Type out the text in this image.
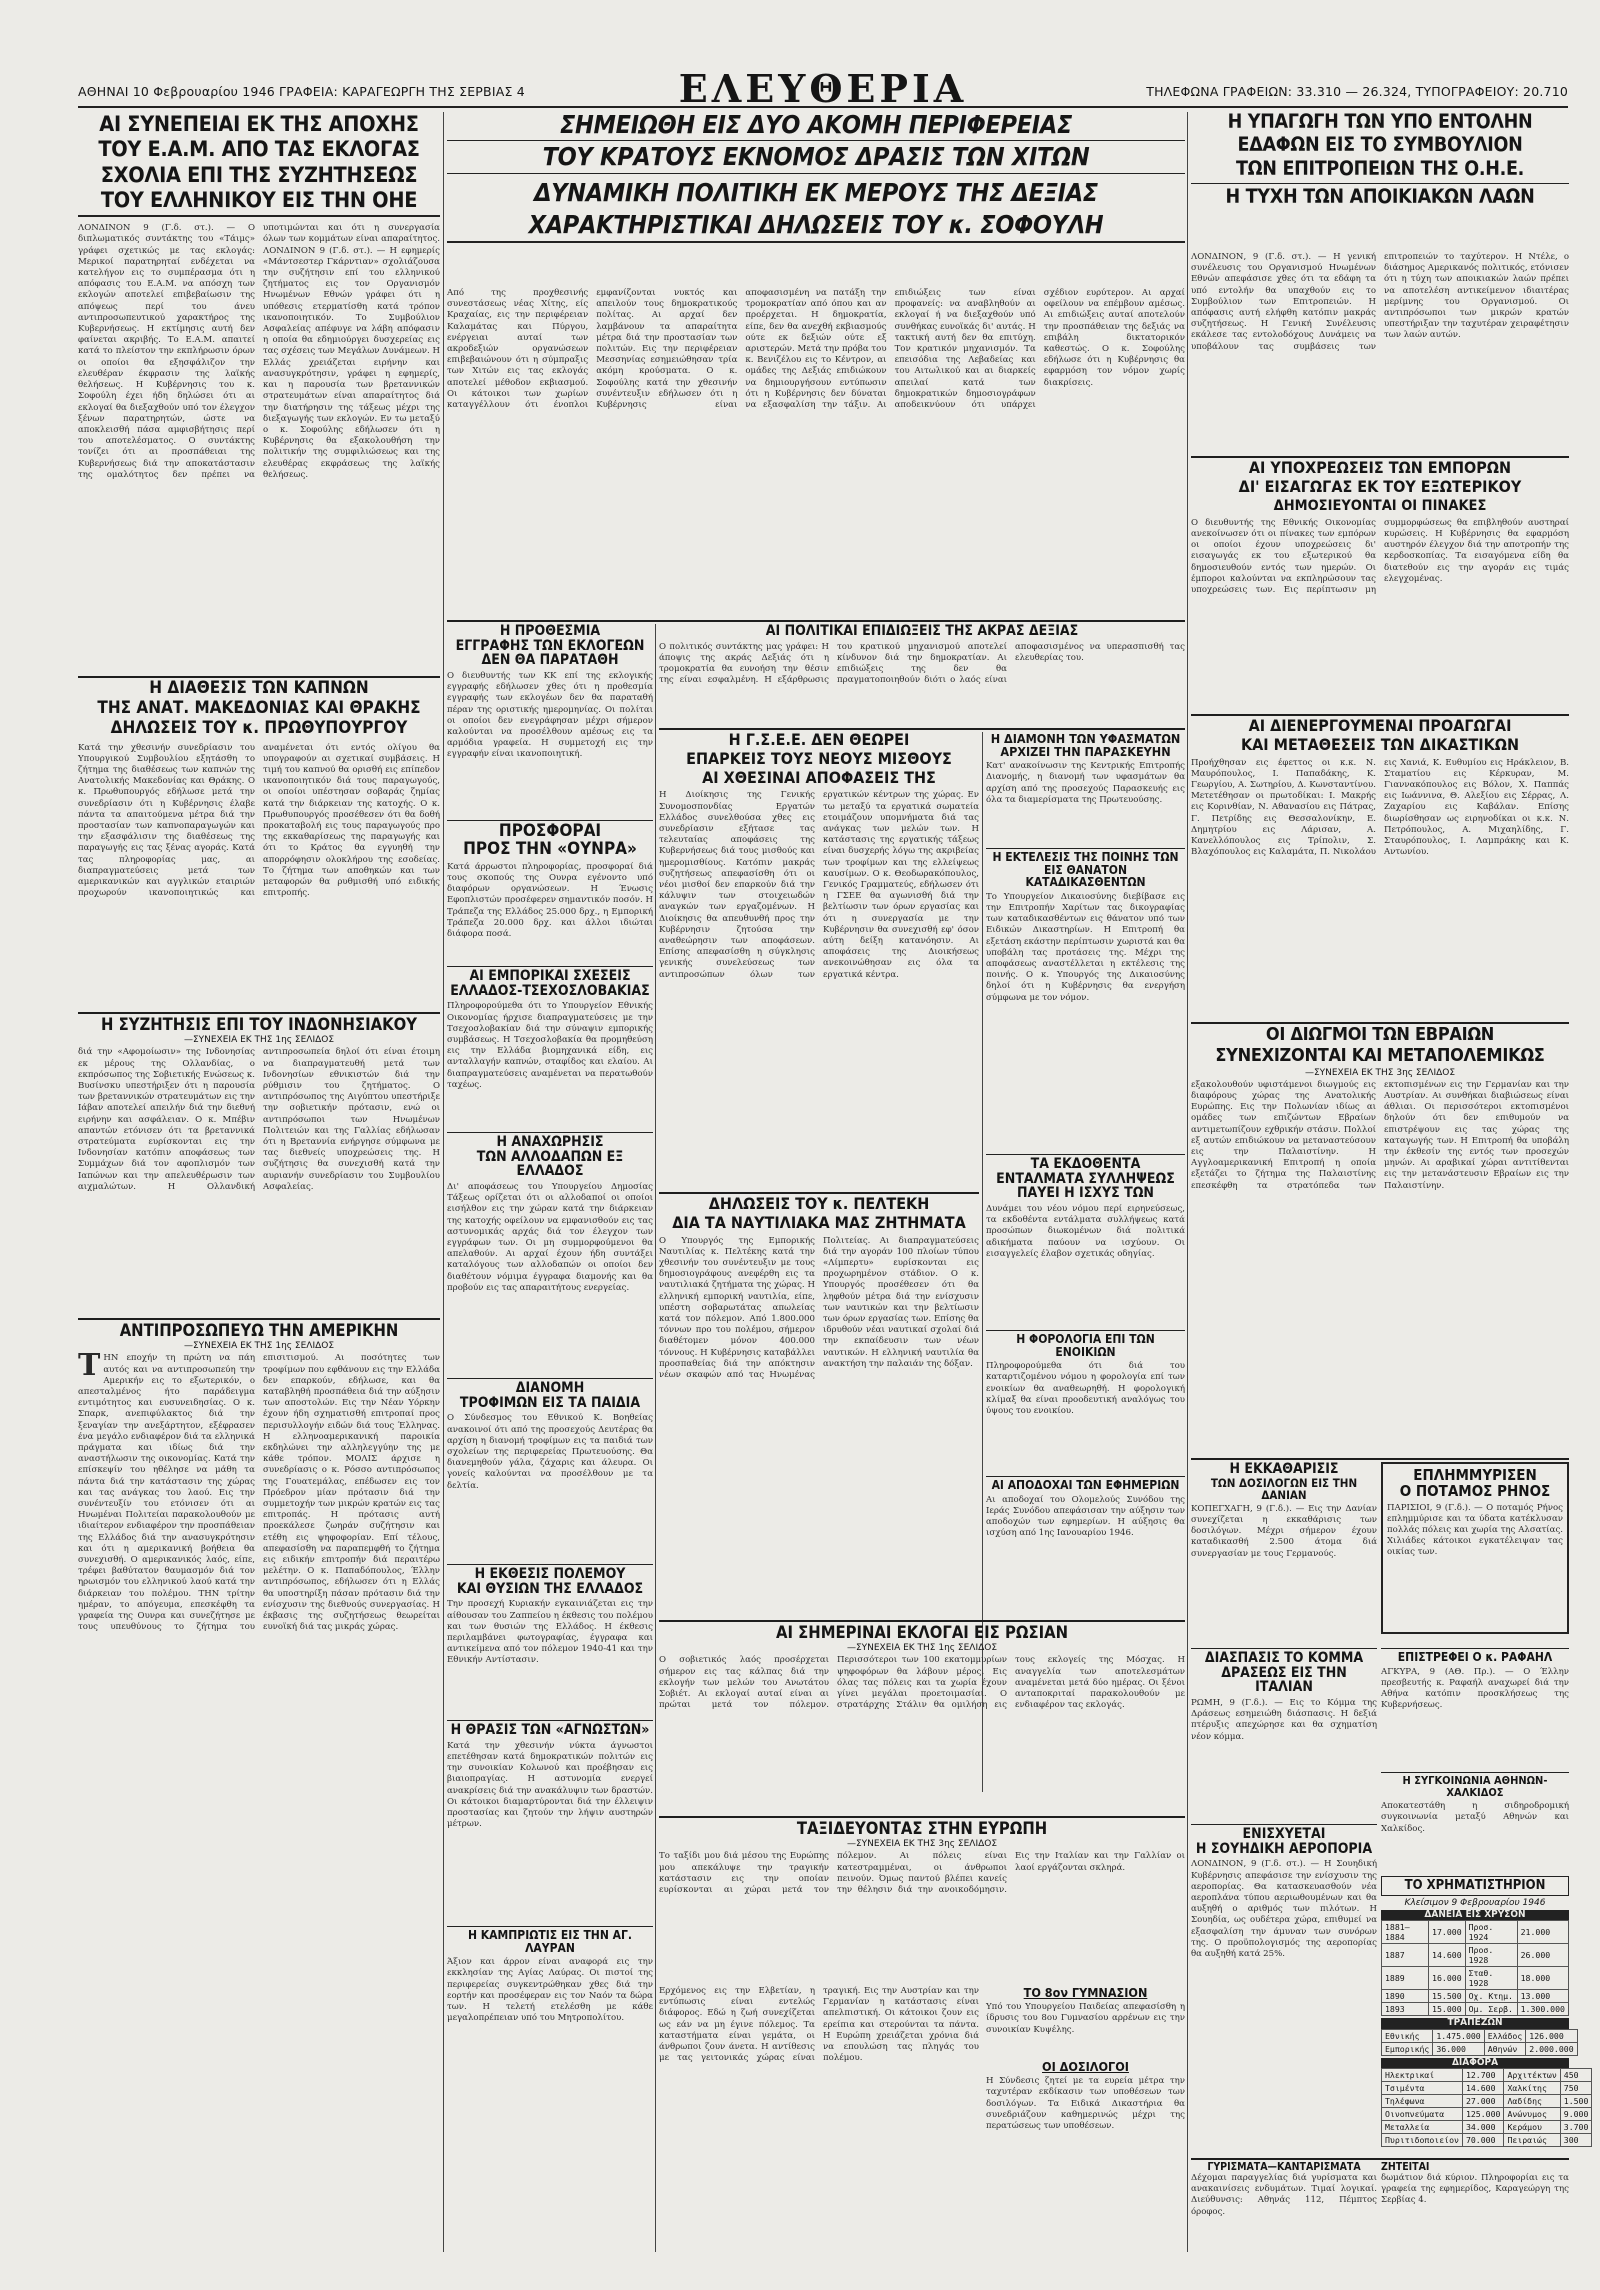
ΑΘΗΝΑΙ 10 Φεβρουαρίου 1946 ΓΡΑΦΕΙΑ: ΚΑΡΑΓΕΩΡΓΗ ΤΗΣ ΣΕΡΒΙΑΣ 4	ΕΛΕΥΘΕΡΙΑ	ΤΗΛΕΦΩΝΑ ΓΡΑΦΕΙΩΝ: 33.310 — 26.324, ΤΥΠΟΓΡΑΦΕΙΟΥ: 20.710
ΑΙ ΣΥΝΕΠΕΙΑΙ ΕΚ ΤΗΣ ΑΠΟΧΗΣ
ΤΟΥ Ε.Α.Μ. ΑΠΟ ΤΑΣ ΕΚΛΟΓΑΣ
ΣΧΟΛΙΑ ΕΠΙ ΤΗΣ ΣΥΖΗΤΗΣΕΩΣ
ΤΟΥ ΕΛΛΗΝΙΚΟΥ ΕΙΣ ΤΗΝ ΟΗΕ
ΛΟΝΔΙΝΟΝ 9 (Γ.δ. στ.). — Ο διπλωματικός συντάκτης του «Τάιμς» γράφει σχετικώς με τας εκλογάς: Μερικοί παρατηρηταί ενδέχεται να κατελήγον εις το συμπέρασμα ότι η απόφασις του Ε.Α.Μ. να απόσχη των εκλογών αποτελεί επιβεβαίωσιν της απόψεως περί του άνευ αντιπροσωπευτικού χαρακτήρος της Κυβερνήσεως. Η εκτίμησις αυτή δεν φαίνεται ακριβής. Το Ε.Α.Μ. απαιτεί κατά το πλείστον την εκπλήρωσιν όρων οι οποίοι θα εξησφάλιζον την ελευθέραν έκφρασιν της λαϊκής θελήσεως. Η Κυβέρνησις του κ. Σοφούλη έχει ήδη δηλώσει ότι αι εκλογαί θα διεξαχθούν υπό τον έλεγχον ξένων παρατηρητών, ώστε να αποκλεισθή πάσα αμφισβήτησις περί του αποτελέσματος. Ο συντάκτης τονίζει ότι αι προσπάθειαι της Κυβερνήσεως διά την αποκατάστασιν της ομαλότητος δεν πρέπει να υποτιμώνται και ότι η συνεργασία όλων των κομμάτων είναι απαραίτητος. ΛΟΝΔΙΝΟΝ 9 (Γ.δ. στ.). — Η εφημερίς «Μάντσεστερ Γκάρντιαν» σχολιάζουσα την συζήτησιν επί του ελληνικού ζητήματος εις τον Οργανισμόν Ηνωμένων Εθνών γράφει ότι η υπόθεσις ετερματίσθη κατά τρόπον ικανοποιητικόν. Το Συμβούλιον Ασφαλείας απέφυγε να λάβη απόφασιν η οποία θα εδημιούργει δυσχερείας εις τας σχέσεις των Μεγάλων Δυνάμεων. Η Ελλάς χρειάζεται ειρήνην και ανασυγκρότησιν, γράφει η εφημερίς, και η παρουσία των βρεταννικών στρατευμάτων είναι απαραίτητος διά την διατήρησιν της τάξεως μέχρι της διεξαγωγής των εκλογών. Εν τω μεταξύ ο κ. Σοφούλης εδήλωσεν ότι η Κυβέρνησις θα εξακολουθήση την πολιτικήν της συμφιλιώσεως και της ελευθέρας εκφράσεως της λαϊκής θελήσεως.
Η ΔΙΑΘΕΣΙΣ ΤΩΝ ΚΑΠΝΩΝ
ΤΗΣ ΑΝΑΤ. ΜΑΚΕΔΟΝΙΑΣ ΚΑΙ ΘΡΑΚΗΣ
ΔΗΛΩΣΕΙΣ ΤΟΥ κ. ΠΡΩΘΥΠΟΥΡΓΟΥ
Κατά την χθεσινήν συνεδρίασιν του Υπουργικού Συμβουλίου εξητάσθη το ζήτημα της διαθέσεως των καπνών της Ανατολικής Μακεδονίας και Θράκης. Ο κ. Πρωθυπουργός εδήλωσε μετά την συνεδρίασιν ότι η Κυβέρνησις έλαβε πάντα τα απαιτούμενα μέτρα διά την προστασίαν των καπνοπαραγωγών και την εξασφάλισιν της διαθέσεως της παραγωγής εις τας ξένας αγοράς. Κατά τας πληροφορίας μας, αι διαπραγματεύσεις μετά των αμερικανικών και αγγλικών εταιριών προχωρούν ικανοποιητικώς και αναμένεται ότι εντός ολίγου θα υπογραφούν αι σχετικαί συμβάσεις. Η τιμή του καπνού θα ορισθή εις επίπεδον ικανοποιητικόν διά τους παραγωγούς, οι οποίοι υπέστησαν σοβαράς ζημίας κατά την διάρκειαν της κατοχής. Ο κ. Πρωθυπουργός προσέθεσεν ότι θα δοθή προκαταβολή εις τους παραγωγούς προ της εκκαθαρίσεως της παραγωγής και ότι το Κράτος θα εγγυηθή την απορρόφησιν ολοκλήρου της εσοδείας. Το ζήτημα των αποθηκών και των μεταφορών θα ρυθμισθή υπό ειδικής επιτροπής.
Η ΣΥΖΗΤΗΣΙΣ ΕΠΙ ΤΟΥ ΙΝΔΟΝΗΣΙΑΚΟΥ
—ΣΥΝΕΧΕΙΑ ΕΚ ΤΗΣ 1ης ΣΕΛΙΔΟΣ
διά την «Αφομοίωσιν» της Ινδονησίας εκ μέρους της Ολλανδίας, ο εκπρόσωπος της Σοβιετικής Ενώσεως κ. Βυσίνσκυ υπεστήριξεν ότι η παρουσία των βρεταννικών στρατευμάτων εις την Ιάβαν αποτελεί απειλήν διά την διεθνή ειρήνην και ασφάλειαν. Ο κ. Μπέβιν απαντών ετόνισεν ότι τα βρεταννικά στρατεύματα ευρίσκονται εις την Ινδονησίαν κατόπιν αποφάσεως των Συμμάχων διά τον αφοπλισμόν των Ιαπώνων και την απελευθέρωσιν των αιχμαλώτων. Η Ολλανδική αντιπροσωπεία δηλοί ότι είναι έτοιμη να διαπραγματευθή μετά των Ινδονησίων εθνικιστών διά την ρύθμισιν του ζητήματος. Ο αντιπρόσωπος της Αιγύπτου υπεστήριξε την σοβιετικήν πρότασιν, ενώ οι αντιπρόσωποι των Ηνωμένων Πολιτειών και της Γαλλίας εδήλωσαν ότι η Βρεταννία ενήργησε σύμφωνα με τας διεθνείς υποχρεώσεις της. Η συζήτησις θα συνεχισθή κατά την αυριανήν συνεδρίασιν του Συμβουλίου Ασφαλείας.
ΑΝΤΙΠΡΟΣΩΠΕΥΩ ΤΗΝ ΑΜΕΡΙΚΗΝ
—ΣΥΝΕΧΕΙΑ ΕΚ ΤΗΣ 1ης ΣΕΛΙΔΟΣ
ΤΗΝ εποχήν τη πρώτη να πάη αυτός και να αντιπροσωπεύη την Αμερικήν εις το εξωτερικόν, ο απεσταλμένος ήτο παράδειγμα εντιμότητος και ευσυνειδησίας. Ο κ. Σπαρκ, ανεπιφύλακτος διά την ξεναγίαν την ανεξάρτητον, εξέφρασεν ένα μεγάλο ενδιαφέρον διά τα ελληνικά πράγματα και ιδίως διά την αναστήλωσιν της οικονομίας. Κατά την επίσκεψίν του ηθέλησε να μάθη τα πάντα διά την κατάστασιν της χώρας και τας ανάγκας του λαού. Εις την συνέντευξίν του ετόνισεν ότι αι Ηνωμέναι Πολιτείαι παρακολουθούν με ιδιαίτερον ενδιαφέρον την προσπάθειαν της Ελλάδος διά την ανασυγκρότησιν και ότι η αμερικανική βοήθεια θα συνεχισθή. Ο αμερικανικός λαός, είπε, τρέφει βαθύτατον θαυμασμόν διά τον ηρωισμόν του ελληνικού λαού κατά την διάρκειαν του πολέμου. ΤΗΝ τρίτην ημέραν, το απόγευμα, επεσκέφθη τα γραφεία της Ουνρα και συνεζήτησε με τους υπευθύνους το ζήτημα του επισιτισμού. Αι ποσότητες των τροφίμων που εφθάνουν εις την Ελλάδα δεν επαρκούν, εδήλωσε, και θα καταβληθή προσπάθεια διά την αύξησιν των αποστολών. Εις την Νέαν Υόρκην έχουν ήδη σχηματισθή επιτροπαί προς περισυλλογήν ειδών διά τους Έλληνας. Η ελληνοαμερικανική παροικία εκδηλώνει την αλληλεγγύην της με κάθε τρόπον. ΜΟΛΙΣ άρχισε η συνεδρίασις ο κ. Ρόσσο αντιπρόσωπος της Γουατεμάλας, επέδωσεν εις τον Πρόεδρον μίαν πρότασιν διά την συμμετοχήν των μικρών κρατών εις τας επιτροπάς. Η πρότασις αυτή προεκάλεσε ζωηράν συζήτησιν και ετέθη εις ψηφοφορίαν. Επί τέλους, απεφασίσθη να παραπεμφθή το ζήτημα εις ειδικήν επιτροπήν διά περαιτέρω μελέτην. Ο κ. Παπαδόπουλος, Έλλην αντιπρόσωπος, εδήλωσεν ότι η Ελλάς θα υποστηρίξη πάσαν πρότασιν διά την ενίσχυσιν της διεθνούς συνεργασίας. Η έκβασις της συζητήσεως θεωρείται ευνοϊκή διά τας μικράς χώρας.
ΣΗΜΕΙΩΘΗ ΕΙΣ ΔΥΟ ΑΚΟΜΗ ΠΕΡΙΦΕΡΕΙΑΣ
ΤΟΥ ΚΡΑΤΟΥΣ ΕΚΝΟΜΟΣ ΔΡΑΣΙΣ ΤΩΝ ΧΙΤΩΝ
ΔΥΝΑΜΙΚΗ ΠΟΛΙΤΙΚΗ ΕΚ ΜΕΡΟΥΣ ΤΗΣ ΔΕΞΙΑΣ
ΧΑΡΑΚΤΗΡΙΣΤΙΚΑΙ ΔΗΛΩΣΕΙΣ ΤΟΥ κ. ΣΟΦΟΥΛΗ
Από της προχθεσινής συνεστάσεως νέας Χίτης, είς Κραχαίας, εις την περιφέρειαν Καλαμάτας και Πύργου, ενέργειαι αυταί των ακροδεξιών οργανώσεων επιβεβαιώνουν ότι η σύμπραξις των Χιτών εις τας εκλογάς αποτελεί μέθοδον εκβιασμού. Οι κάτοικοι των χωρίων καταγγέλλουν ότι ένοπλοι εμφανίζονται νυκτός και απειλούν τους δημοκρατικούς πολίτας. Αι αρχαί δεν λαμβάνουν τα απαραίτητα μέτρα διά την προστασίαν των πολιτών. Εις την περιφέρειαν Μεσσηνίας εσημειώθησαν τρία ακόμη κρούσματα. Ο κ. Σοφούλης κατά την χθεσινήν συνέντευξιν εδήλωσεν ότι η Κυβέρνησις είναι αποφασισμένη να πατάξη την τρομοκρατίαν από όπου και αν προέρχεται. Η δημοκρατία, είπε, δεν θα ανεχθή εκβιασμούς ούτε εκ δεξιών ούτε εξ αριστερών. Μετά την πρόβα του κ. Βενιζέλου εις το Κέντρον, αι ομάδες της Δεξιάς επιδιώκουν να δημιουργήσουν εντύπωσιν ότι η Κυβέρνησις δεν δύναται να εξασφαλίση την τάξιν. Αι επιδιώξεις των είναι προφανείς: να αναβληθούν αι εκλογαί ή να διεξαχθούν υπό συνθήκας ευνοϊκάς δι' αυτάς. Η τακτική αυτή δεν θα επιτύχη. Τον κρατικόν μηχανισμόν. Τα επεισόδια της Λεβαδείας και του Αιτωλικού και αι διαρκείς απειλαί κατά των δημοκρατικών δημοσιογράφων αποδεικνύουν ότι υπάρχει σχέδιον ευρύτερον. Αι αρχαί οφείλουν να επέμβουν αμέσως. Αι επιδιώξεις αυταί αποτελούν την προσπάθειαν της δεξιάς να επιβάλη δικτατορικόν καθεστώς. Ο κ. Σοφούλης εδήλωσε ότι η Κυβέρνησις θα εφαρμόση τον νόμον χωρίς διακρίσεις.
Η ΠΡΟΘΕΣΜΙΑ
ΕΓΓΡΑΦΗΣ ΤΩΝ ΕΚΛΟΓΕΩΝ
ΔΕΝ ΘΑ ΠΑΡΑΤΑΘΗ
Ο διευθυντής των ΚΚ επί της εκλογικής εγγραφής εδήλωσεν χθες ότι η προθεσμία εγγραφής των εκλογέων δεν θα παραταθή πέραν της οριστικής ημερομηνίας. Οι πολίται οι οποίοι δεν ενεγράφησαν μέχρι σήμερον καλούνται να προσέλθουν αμέσως εις τα αρμόδια γραφεία. Η συμμετοχή εις την εγγραφήν είναι ικανοποιητική.
ΠΡΟΣΦΟΡΑΙ
ΠΡΟΣ ΤΗΝ «ΟΥΝΡΑ»
Κατά άρρωστοι πληροφορίας, προσφοραί διά τους σκοπούς της Ουνρα εγένοντο υπό διαφόρων οργανώσεων. Η Ένωσις Εφοπλιστών προσέφερεν σημαντικόν ποσόν. Η Τράπεζα της Ελλάδος 25.000 δρχ., η Εμπορική Τράπεζα 20.000 δρχ. και άλλοι ιδιώται διάφορα ποσά.
ΑΙ ΕΜΠΟΡΙΚΑΙ ΣΧΕΣΕΙΣ
ΕΛΛΑΔΟΣ-ΤΣΕΧΟΣΛΟΒΑΚΙΑΣ
Πληροφορούμεθα ότι το Υπουργείον Εθνικής Οικονομίας ήρχισε διαπραγματεύσεις με την Τσεχοσλοβακίαν διά την σύναψιν εμπορικής συμβάσεως. Η Τσεχοσλοβακία θα προμηθεύση εις την Ελλάδα βιομηχανικά είδη, εις ανταλλαγήν καπνών, σταφίδος και ελαίου. Αι διαπραγματεύσεις αναμένεται να περατωθούν ταχέως.
Η ΑΝΑΧΩΡΗΣΙΣ
ΤΩΝ ΑΛΛΟΔΑΠΩΝ ΕΞ ΕΛΛΑΔΟΣ
Δι' αποφάσεως του Υπουργείου Δημοσίας Τάξεως ορίζεται ότι οι αλλοδαποί οι οποίοι εισήλθον εις την χώραν κατά την διάρκειαν της κατοχής οφείλουν να εμφανισθούν εις τας αστυνομικάς αρχάς διά τον έλεγχον των εγγράφων των. Οι μη συμμορφούμενοι θα απελαθούν. Αι αρχαί έχουν ήδη συντάξει καταλόγους των αλλοδαπών οι οποίοι δεν διαθέτουν νόμιμα έγγραφα διαμονής και θα προβούν εις τας απαραιτήτους ενεργείας.
ΔΙΑΝΟΜΗ
ΤΡΟΦΙΜΩΝ ΕΙΣ ΤΑ ΠΑΙΔΙΑ
Ο Σύνδεσμος του Εθνικού Κ. Βοηθείας ανακοινοί ότι από της προσεχούς Δευτέρας θα αρχίση η διανομή τροφίμων εις τα παιδιά των σχολείων της περιφερείας Πρωτευούσης. Θα διανεμηθούν γάλα, ζάχαρις και άλευρα. Οι γονείς καλούνται να προσέλθουν με τα δελτία.
Η ΕΚΘΕΣΙΣ ΠΟΛΕΜΟΥ
ΚΑΙ ΘΥΣΙΩΝ ΤΗΣ ΕΛΛΑΔΟΣ
Την προσεχή Κυριακήν εγκαινιάζεται εις την αίθουσαν του Ζαππείου η έκθεσις του πολέμου και των θυσιών της Ελλάδος. Η έκθεσις περιλαμβάνει φωτογραφίας, έγγραφα και αντικείμενα από τον πόλεμον 1940-41 και την Εθνικήν Αντίστασιν.
Η ΘΡΑΣΙΣ ΤΩΝ «ΑΓΝΩΣΤΩΝ»
Κατά την χθεσινήν νύκτα άγνωστοι επετέθησαν κατά δημοκρατικών πολιτών εις την συνοικίαν Κολωνού και προέβησαν εις βιαιοπραγίας. Η αστυνομία ενεργεί ανακρίσεις διά την ανακάλυψιν των δραστών. Οι κάτοικοι διαμαρτύρονται διά την έλλειψιν προστασίας και ζητούν την λήψιν αυστηρών μέτρων.
Η ΚΑΜΠΡΙΩΤΙΣ ΕΙΣ ΤΗΝ ΑΓ. ΛΑΥΡΑΝ
Άξιον και άρρον είναι αναφορά εις την εκκλησίαν της Αγίας Λαύρας. Οι πιστοί της περιφερείας συγκεντρώθηκαν χθες διά την εορτήν και προσέφεραν εις τον Ναόν τα δώρα των. Η τελετή ετελέσθη με κάθε μεγαλοπρέπειαν υπό του Μητροπολίτου.
ΑΙ ΠΟΛΙΤΙΚΑΙ ΕΠΙΔΙΩΞΕΙΣ ΤΗΣ ΑΚΡΑΣ ΔΕΞΙΑΣ
Ο πολιτικός συντάκτης μας γράφει: Η άποψις της ακράς Δεξιάς ότι η τρομοκρατία θα ευνοήση την θέσιν της είναι εσφαλμένη. Η εξάρθρωσις του κρατικού μηχανισμού αποτελεί κίνδυνον διά την δημοκρατίαν. Αι επιδιώξεις της δεν θα πραγματοποιηθούν διότι ο λαός είναι αποφασισμένος να υπερασπισθή τας ελευθερίας του.
Η Γ.Σ.Ε.Ε. ΔΕΝ ΘΕΩΡΕΙ
ΕΠΑΡΚΕΙΣ ΤΟΥΣ ΝΕΟΥΣ ΜΙΣΘΟΥΣ
ΑΙ ΧΘΕΣΙΝΑΙ ΑΠΟΦΑΣΕΙΣ ΤΗΣ
Η Διοίκησις της Γενικής Συνομοσπονδίας Εργατών Ελλάδος συνελθούσα χθες εις συνεδρίασιν εξήτασε τας τελευταίας αποφάσεις της Κυβερνήσεως διά τους μισθούς και ημερομισθίους. Κατόπιν μακράς συζητήσεως απεφασίσθη ότι οι νέοι μισθοί δεν επαρκούν διά την κάλυψιν των στοιχειωδών αναγκών των εργαζομένων. Η Διοίκησις θα απευθυνθή προς την Κυβέρνησιν ζητούσα την αναθεώρησιν των αποφάσεων. Επίσης απεφασίσθη η σύγκλησις γενικής συνελεύσεως των αντιπροσώπων όλων των εργατικών κέντρων της χώρας. Εν τω μεταξύ τα εργατικά σωματεία ετοιμάζουν υπομνήματα διά τας ανάγκας των μελών των. Η κατάστασις της εργατικής τάξεως είναι δυσχερής λόγω της ακριβείας των τροφίμων και της ελλείψεως καυσίμων. Ο κ. Θεοδωρακόπουλος, Γενικός Γραμματεύς, εδήλωσεν ότι η ΓΣΕΕ θα αγωνισθή διά την βελτίωσιν των όρων εργασίας και ότι η συνεργασία με την Κυβέρνησιν θα συνεχισθή εφ' όσον αύτη δείξη κατανόησιν. Αι αποφάσεις της Διοικήσεως ανεκοινώθησαν εις όλα τα εργατικά κέντρα.
Η ΔΙΑΜΟΝΗ ΤΩΝ ΥΦΑΣΜΑΤΩΝ ΑΡΧΙΖΕΙ ΤΗΝ ΠΑΡΑΣΚΕΥΗΝ
Κατ' ανακοίνωσιν της Κεντρικής Επιτροπής Διανομής, η διανομή των υφασμάτων θα αρχίση από της προσεχούς Παρασκευής εις όλα τα διαμερίσματα της Πρωτευούσης.
Η ΕΚΤΕΛΕΣΙΣ ΤΗΣ ΠΟΙΝΗΣ ΤΩΝ ΕΙΣ ΘΑΝΑΤΟΝ ΚΑΤΑΔΙΚΑΣΘΕΝΤΩΝ
Το Υπουργείον Δικαιοσύνης διεβίβασε εις την Επιτροπήν Χαρίτων τας δικογραφίας των καταδικασθέντων εις θάνατον υπό των Ειδικών Δικαστηρίων. Η Επιτροπή θα εξετάση εκάστην περίπτωσιν χωριστά και θα υποβάλη τας προτάσεις της. Μέχρι της αποφάσεως αναστέλλεται η εκτέλεσις της ποινής. Ο κ. Υπουργός της Δικαιοσύνης δηλοί ότι η Κυβέρνησις θα ενεργήση σύμφωνα με τον νόμον.
ΔΗΛΩΣΕΙΣ ΤΟΥ κ. ΠΕΛΤΕΚΗ
ΔΙΑ ΤΑ ΝΑΥΤΙΛΙΑΚΑ ΜΑΣ ΖΗΤΗΜΑΤΑ
Ο Υπουργός της Εμπορικής Ναυτιλίας κ. Πελτέκης κατά την χθεσινήν του συνέντευξιν με τους δημοσιογράφους ανεφέρθη εις τα ναυτιλιακά ζητήματα της χώρας. Η ελληνική εμπορική ναυτιλία, είπε, υπέστη σοβαρωτάτας απωλείας κατά τον πόλεμον. Από 1.800.000 τόννων προ του πολέμου, σήμερον διαθέτομεν μόνον 400.000 τόννους. Η Κυβέρνησις καταβάλλει προσπαθείας διά την απόκτησιν νέων σκαφών από τας Ηνωμένας Πολιτείας. Αι διαπραγματεύσεις διά την αγοράν 100 πλοίων τύπου «Λίμπερτυ» ευρίσκονται εις προχωρημένον στάδιον. Ο κ. Υπουργός προσέθεσεν ότι θα ληφθούν μέτρα διά την ενίσχυσιν των ναυτικών και την βελτίωσιν των όρων εργασίας των. Επίσης θα ιδρυθούν νέαι ναυτικαί σχολαί διά την εκπαίδευσιν των νέων ναυτικών. Η ελληνική ναυτιλία θα ανακτήση την παλαιάν της δόξαν.
ΤΑ ΕΚΔΟΘΕΝΤΑ
ΕΝΤΑΛΜΑΤΑ ΣΥΛΛΗΨΕΩΣ
ΠΑΥΕΙ Η ΙΣΧΥΣ ΤΩΝ
Δυνάμει του νέου νόμου περί ειρηνεύσεως, τα εκδοθέντα εντάλματα συλλήψεως κατά προσώπων διωκομένων διά πολιτικά αδικήματα παύουν να ισχύουν. Οι εισαγγελείς έλαβον σχετικάς οδηγίας.
Η ΦΟΡΟΛΟΓΙΑ ΕΠΙ ΤΩΝ ΕΝΟΙΚΙΩΝ
Πληροφορούμεθα ότι διά του καταρτιζομένου νόμου η φορολογία επί των ενοικίων θα αναθεωρηθή. Η φορολογική κλίμαξ θα είναι προοδευτική αναλόγως του ύψους του ενοικίου.
ΑΙ ΑΠΟΔΟΧΑΙ ΤΩΝ ΕΦΗΜΕΡΙΩΝ
Αι αποδοχαί του Ολομελούς Συνόδου της Ιεράς Συνόδου απεφάσισαν την αύξησιν των αποδοχών των εφημερίων. Η αύξησις θα ισχύση από 1ης Ιανουαρίου 1946.
ΑΙ ΣΗΜΕΡΙΝΑΙ ΕΚΛΟΓΑΙ ΕΙΣ ΡΩΣΙΑΝ
—ΣΥΝΕΧΕΙΑ ΕΚ ΤΗΣ 1ης ΣΕΛΙΔΟΣ
Ο σοβιετικός λαός προσέρχεται σήμερον εις τας κάλπας διά την εκλογήν των μελών του Ανωτάτου Σοβιέτ. Αι εκλογαί αυταί είναι αι πρώται μετά τον πόλεμον. Περισσότεροι των 100 εκατομμυρίων ψηφοφόρων θα λάβουν μέρος. Εις όλας τας πόλεις και τα χωρία έχουν γίνει μεγάλαι προετοιμασίαι. Ο στρατάρχης Στάλιν θα ομιλήση εις τους εκλογείς της Μόσχας. Η αναγγελία των αποτελεσμάτων αναμένεται μετά δύο ημέρας. Οι ξένοι ανταποκριταί παρακολουθούν με ενδιαφέρον τας εκλογάς.
ΤΑΞΙΔΕΥΟΝΤΑΣ ΣΤΗΝ ΕΥΡΩΠΗ
—ΣΥΝΕΧΕΙΑ ΕΚ ΤΗΣ 3ης ΣΕΛΙΔΟΣ
Το ταξίδι μου διά μέσου της Ευρώπης μου απεκάλυψε την τραγικήν κατάστασιν εις την οποίαν ευρίσκονται αι χώραι μετά τον πόλεμον. Αι πόλεις είναι κατεστραμμέναι, οι άνθρωποι πεινούν. Όμως παντού βλέπει κανείς την θέλησιν διά την ανοικοδόμησιν. Εις την Ιταλίαν και την Γαλλίαν οι λαοί εργάζονται σκληρά.
ΤΟ 8ον ΓΥΜΝΑΣΙΟΝ
Υπό του Υπουργείου Παιδείας απεφασίσθη η ίδρυσις του 8ου Γυμνασίου αρρένων εις την συνοικίαν Κυψέλης.
ΟΙ ΔΟΣΙΛΟΓΟΙ
Η Σύνδεσις ζητεί με τα ευρεία μέτρα την ταχυτέραν εκδίκασιν των υποθέσεων των δοσιλόγων. Τα Ειδικά Δικαστήρια θα συνεδριάζουν καθημερινώς μέχρι της περατώσεως των υποθέσεων.
Ερχόμενος εις την Ελβετίαν, η εντύπωσις είναι εντελώς διάφορος. Εδώ η ζωή συνεχίζεται ως εάν να μη έγινε πόλεμος. Τα καταστήματα είναι γεμάτα, οι άνθρωποι ζουν άνετα. Η αντίθεσις με τας γειτονικάς χώρας είναι τραγική. Εις την Αυστρίαν και την Γερμανίαν η κατάστασις είναι απελπιστική. Οι κάτοικοι ζουν εις ερείπια και στερούνται τα πάντα. Η Ευρώπη χρειάζεται χρόνια διά να επουλώση τας πληγάς του πολέμου.
Η ΥΠΑΓΩΓΗ ΤΩΝ ΥΠΟ ΕΝΤΟΛΗΝ
ΕΔΑΦΩΝ ΕΙΣ ΤΟ ΣΥΜΒΟΥΛΙΟΝ
ΤΩΝ ΕΠΙΤΡΟΠΕΙΩΝ ΤΗΣ Ο.Η.Ε.
Η ΤΥΧΗ ΤΩΝ ΑΠΟΙΚΙΑΚΩΝ ΛΑΩΝ
ΛΟΝΔΙΝΟΝ, 9 (Γ.δ. στ.). — Η γενική συνέλευσις του Οργανισμού Ηνωμένων Εθνών απεφάσισε χθες ότι τα εδάφη τα υπό εντολήν θα υπαχθούν εις το Συμβούλιον των Επιτροπειών. Η απόφασις αυτή ελήφθη κατόπιν μακράς συζητήσεως. Η Γενική Συνέλευσις εκάλεσε τας εντολοδόχους Δυνάμεις να υποβάλουν τας συμβάσεις των επιτροπειών το ταχύτερον. Η Ντέλε, ο διάσημος Αμερικανός πολιτικός, ετόνισεν ότι η τύχη των αποικιακών λαών πρέπει να αποτελέση αντικείμενον ιδιαιτέρας μερίμνης του Οργανισμού. Οι αντιπρόσωποι των μικρών κρατών υπεστήριξαν την ταχυτέραν χειραφέτησιν των λαών αυτών.
ΑΙ ΥΠΟΧΡΕΩΣΕΙΣ ΤΩΝ ΕΜΠΟΡΩΝ
ΔΙ' ΕΙΣΑΓΩΓΑΣ ΕΚ ΤΟΥ ΕΞΩΤΕΡΙΚΟΥ
ΔΗΜΟΣΙΕΥΟΝΤΑΙ ΟΙ ΠΙΝΑΚΕΣ
Ο διευθυντής της Εθνικής Οικονομίας ανεκοίνωσεν ότι οι πίνακες των εμπόρων οι οποίοι έχουν υποχρεώσεις δι' εισαγωγάς εκ του εξωτερικού θα δημοσιευθούν εντός των ημερών. Οι έμποροι καλούνται να εκπληρώσουν τας υποχρεώσεις των. Εις περίπτωσιν μη συμμορφώσεως θα επιβληθούν αυστηραί κυρώσεις. Η Κυβέρνησις θα εφαρμόση αυστηρόν έλεγχον διά την αποτροπήν της κερδοσκοπίας. Τα εισαγόμενα είδη θα διατεθούν εις την αγοράν εις τιμάς ελεγχομένας.
ΑΙ ΔΙΕΝΕΡΓΟΥΜΕΝΑΙ ΠΡΟΑΓΩΓΑΙ
ΚΑΙ ΜΕΤΑΘΕΣΕΙΣ ΤΩΝ ΔΙΚΑΣΤΙΚΩΝ
Προήχθησαν εις έφεττος οι κ.κ. Ν. Μαυρόπουλος, Ι. Παπαδάκης, Κ. Γεωργίου, Α. Σωτηρίου, Δ. Κωνσταντίνου. Μετετέθησαν οι πρωτοδίκαι: Ι. Μακρής εις Κορινθίαν, Ν. Αθανασίου εις Πάτρας, Γ. Πετρίδης εις Θεσσαλονίκην, Ε. Δημητρίου εις Λάρισαν, Α. Κανελλόπουλος εις Τρίπολιν, Σ. Βλαχόπουλος εις Καλαμάτα, Π. Νικολάου εις Χανιά, Κ. Ευθυμίου εις Ηράκλειον, Β. Σταματίου εις Κέρκυραν, Μ. Γιαννακόπουλος εις Βόλον, Χ. Παππάς εις Ιωάννινα, Θ. Αλεξίου εις Σέρρας, Λ. Ζαχαρίου εις Καβάλαν. Επίσης διωρίσθησαν ως ειρηνοδίκαι οι κ.κ. Ν. Πετρόπουλος, Α. Μιχαηλίδης, Γ. Σταυρόπουλος, Ι. Λαμπράκης και Κ. Αντωνίου.
ΟΙ ΔΙΩΓΜΟΙ ΤΩΝ ΕΒΡΑΙΩΝ
ΣΥΝΕΧΙΖΟΝΤΑΙ ΚΑΙ ΜΕΤΑΠΟΛΕΜΙΚΩΣ
—ΣΥΝΕΧΕΙΑ ΕΚ ΤΗΣ 3ης ΣΕΛΙΔΟΣ
εξακολουθούν υφιστάμενοι διωγμούς εις διαφόρους χώρας της Ανατολικής Ευρώπης. Εις την Πολωνίαν ιδίως αι ομάδες των επιζώντων Εβραίων αντιμετωπίζουν εχθρικήν στάσιν. Πολλοί εξ αυτών επιδιώκουν να μεταναστεύσουν εις την Παλαιστίνην. Η Αγγλοαμερικανική Επιτροπή η οποία εξετάζει το ζήτημα της Παλαιστίνης επεσκέφθη τα στρατόπεδα των εκτοπισμένων εις την Γερμανίαν και την Αυστρίαν. Αι συνθήκαι διαβιώσεως είναι άθλιαι. Οι περισσότεροι εκτοπισμένοι δηλούν ότι δεν επιθυμούν να επιστρέψουν εις τας χώρας της καταγωγής των. Η Επιτροπή θα υποβάλη την έκθεσίν της εντός των προσεχών μηνών. Αι αραβικαί χώραι αντιτίθενται εις την μετανάστευσιν Εβραίων εις την Παλαιστίνην.
Η ΕΚΚΑΘΑΡΙΣΙΣ
ΤΩΝ ΔΟΣΙΛΟΓΩΝ ΕΙΣ ΤΗΝ ΔΑΝΙΑΝ
ΚΟΠΕΓΧΑΓΗ, 9 (Γ.δ.). — Εις την Δανίαν συνεχίζεται η εκκαθάρισις των δοσιλόγων. Μέχρι σήμερον έχουν καταδικασθή 2.500 άτομα διά συνεργασίαν με τους Γερμανούς.
ΕΠΛΗΜΜΥΡΙΣΕΝ
Ο ΠΟΤΑΜΟΣ ΡΗΝΟΣ
ΠΑΡΙΣΙΟΙ, 9 (Γ.δ.). — Ο ποταμός Ρήνος επλημμύρισε και τα ύδατα κατέκλυσαν πολλάς πόλεις και χωρία της Αλσατίας. Χιλιάδες κάτοικοι εγκατέλειψαν τας οικίας των.
ΔΙΑΣΠΑΣΙΣ ΤΟ ΚΟΜΜΑ
ΔΡΑΣΕΩΣ ΕΙΣ ΤΗΝ ΙΤΑΛΙΑΝ
ΡΩΜΗ, 9 (Γ.δ.). — Εις το Κόμμα της Δράσεως εσημειώθη διάσπασις. Η δεξιά πτέρυξις απεχώρησε και θα σχηματίση νέον κόμμα.
ΕΠΙΣΤΡΕΦΕΙ Ο κ. ΡΑΦΑΗΛ
ΑΓΚΥΡΑ, 9 (ΑΘ. Πρ.). — Ο Έλλην πρεσβευτής κ. Ραφαήλ αναχωρεί διά την Αθήνα κατόπιν προσκλήσεως της Κυβερνήσεως.
Η ΣΥΓΚΟΙΝΩΝΙΑ ΑΘΗΝΩΝ-ΧΑΛΚΙΔΟΣ
Αποκατεστάθη η σιδηροδρομική συγκοινωνία μεταξύ Αθηνών και Χαλκίδος.
ΤΟ ΧΡΗΜΑΤΙΣΤΗΡΙΟΝ
Κλείσιμον 9 Φεβρουαρίου 1946
ΔΑΝΕΙΑ ΕΙΣ ΧΡΥΣΟΝ
1881—1884	17.000	Προσ. 1924	21.000
1887	14.600	Προσ. 1928	26.000
1889	16.000	Σταθ. 1928	18.000
1890	15.500	Οχ. Κτημ.	13.000
1893	15.000	Ομ. Σερβ.	1.300.000
ΤΡΑΠΕΖΩΝ
Εθνικής	1.475.000	Ελλάδος	126.000
Εμπορικής	36.000	Αθηνών	2.000.000
ΔΙΑΦΟΡΑ
Ηλεκτρικαί	12.700	Αρχιτέκτων	450
Τσιμέντα	14.600	Χαλκίτης	750
Τηλέφωνα	27.000	Λαδίδης	1.500
Οινοπνεύματα	125.000	Ανώνυμος	9.000
Μεταλλεία	34.000	Κεράμου	3.700
Πυριτιδοποιείον	70.000	Πειραιώς	300
ΕΝΙΣΧΥΕΤΑΙ
Η ΣΟΥΗΔΙΚΗ ΑΕΡΟΠΟΡΙΑ
ΛΟΝΔΙΝΟΝ, 9 (Γ.δ. στ.). — Η Σουηδική Κυβέρνησις απεφάσισε την ενίσχυσιν της αεροπορίας. Θα κατασκευασθούν νέα αεροπλάνα τύπου αεριωθουμένων και θα αυξηθή ο αριθμός των πιλότων. Η Σουηδία, ως ουδέτερα χώρα, επιθυμεί να εξασφαλίση την άμυναν των συνόρων της. Ο προϋπολογισμός της αεροπορίας θα αυξηθή κατά 25%.
ΓΥΡΙΣΜΑΤΑ—ΚΑΝΤΑΡΙΣΜΑΤΑ
Δέχομαι παραγγελίας διά γυρίσματα και ανακαινίσεις ενδυμάτων. Τιμαί λογικαί. Διεύθυνσις: Αθηνάς 112, Πέμπτος όροφος.
ΖΗΤΕΙΤΑΙ
δωμάτιον διά κύριον. Πληροφορίαι εις τα γραφεία της εφημερίδος, Καραγεώργη της Σερβίας 4.
